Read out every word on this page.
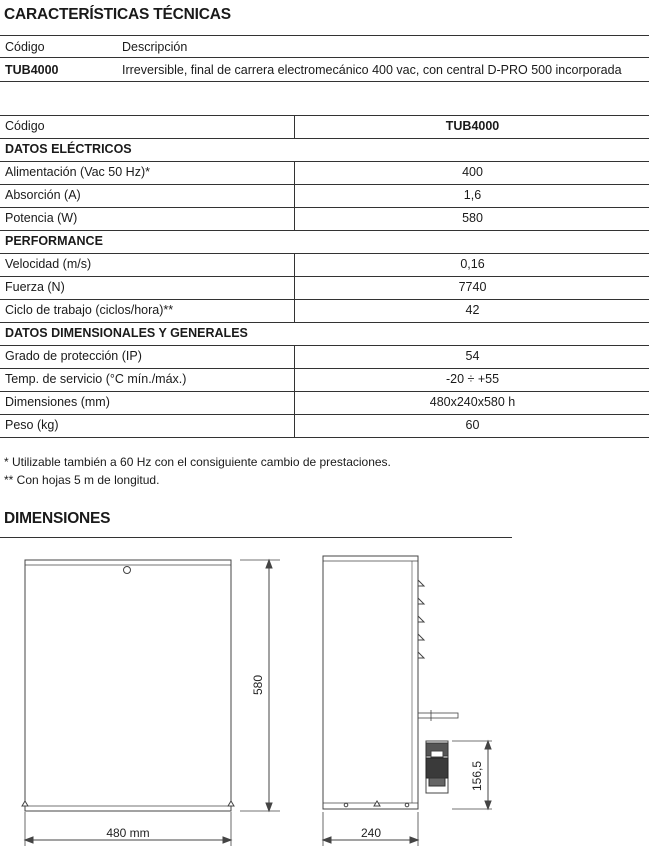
CARACTERÍSTICAS TÉCNICAS
Código	Descripción
TUB4000	Irreversible, final de carrera electromecánico 400 vac, con central D-PRO 500 incorporada
Código	TUB4000
DATOS ELÉCTRICOS
Alimentación (Vac 50 Hz)*	400
Absorción (A)	1,6
Potencia (W)	580
PERFORMANCE
Velocidad (m/s)	0,16
Fuerza (N)	7740
Ciclo de trabajo (ciclos/hora)**	42
DATOS DIMENSIONALES Y GENERALES
Grado de protección (IP)	54
Temp. de servicio (°C mín./máx.)	-20 ÷ +55
Dimensiones (mm)	480x240x580 h
Peso (kg)	60
* Utilizable también a 60 Hz con el consiguiente cambio de prestaciones.
** Con hojas 5 m de longitud.
DIMENSIONES
480 mm
580
240
156,5
